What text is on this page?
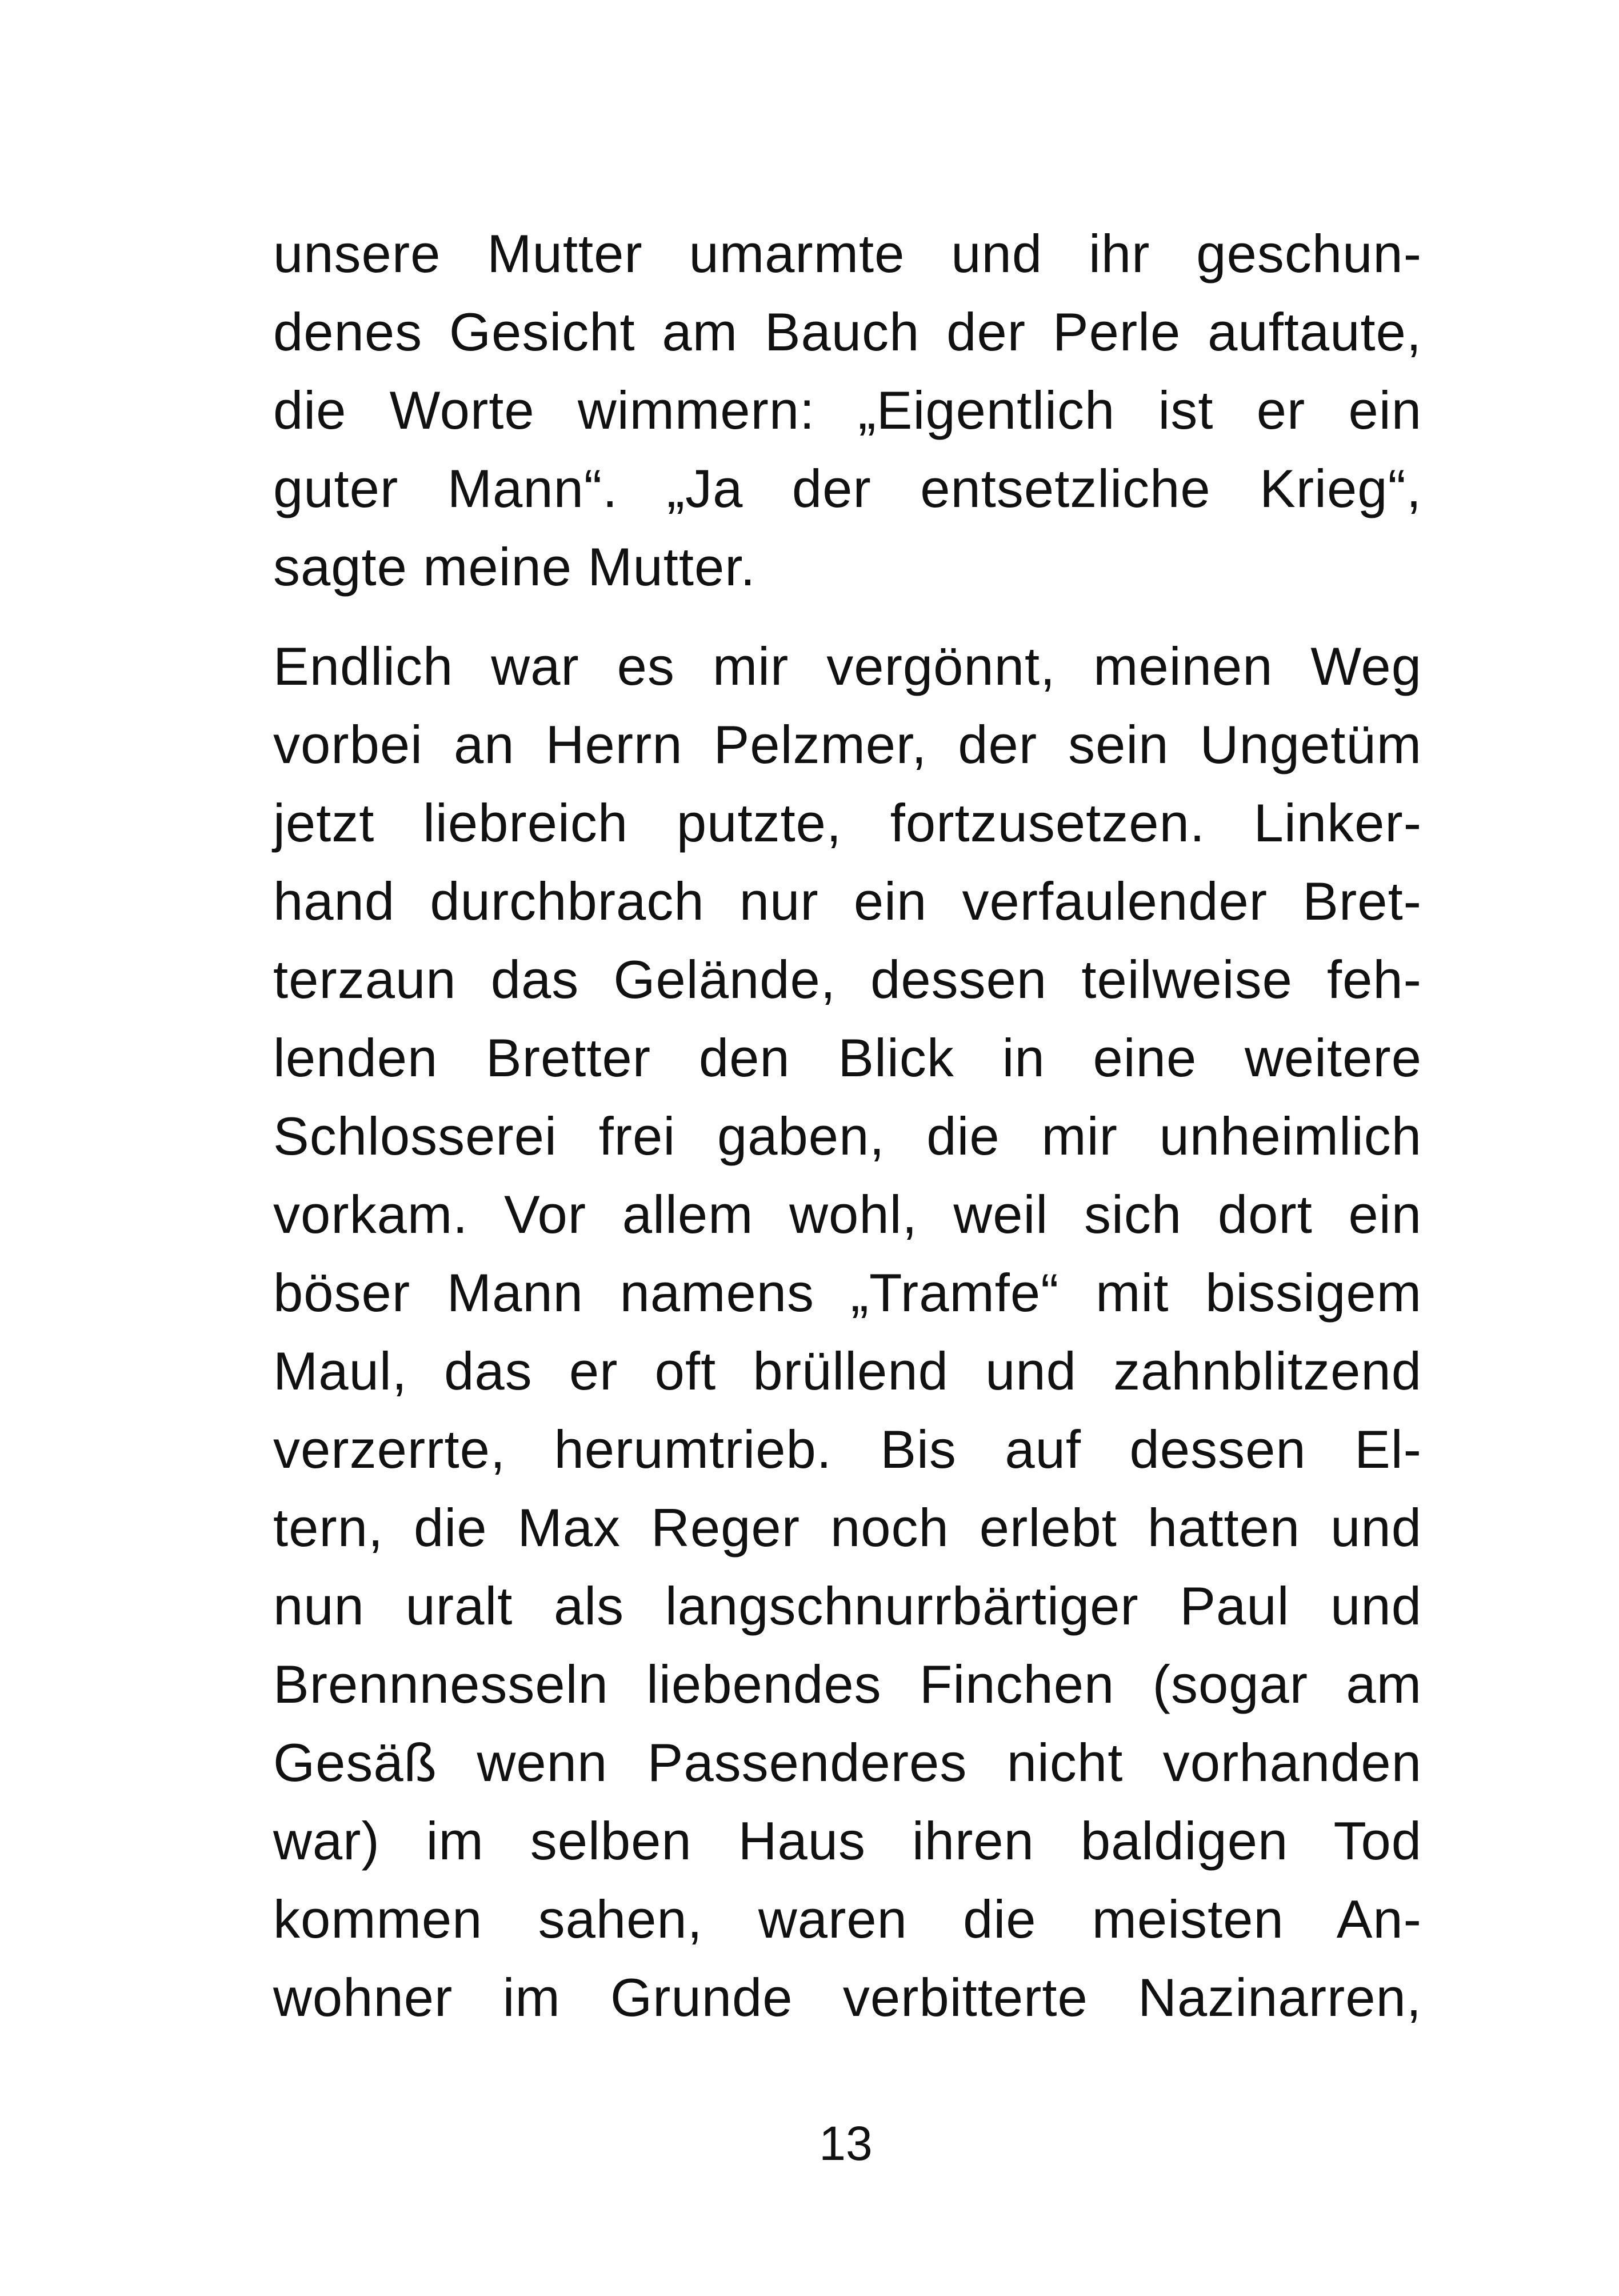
unsere Mutter umarmte und ihr geschun-
denes Gesicht am Bauch der Perle auftaute,
die Worte wimmern: „Eigentlich ist er ein
guter Mann“. „Ja der entsetzliche Krieg“,
sagte meine Mutter.
Endlich war es mir vergönnt, meinen Weg
vorbei an Herrn Pelzmer, der sein Ungetüm
jetzt liebreich putzte, fortzusetzen. Linker-
hand durchbrach nur ein verfaulender Bret-
terzaun das Gelände, dessen teilweise feh-
lenden Bretter den Blick in eine weitere
Schlosserei frei gaben, die mir unheimlich
vorkam. Vor allem wohl, weil sich dort ein
böser Mann namens „Tramfe“ mit bissigem
Maul, das er oft brüllend und zahnblitzend
verzerrte, herumtrieb. Bis auf dessen El-
tern, die Max Reger noch erlebt hatten und
nun uralt als langschnurrbärtiger Paul und
Brennnesseln liebendes Finchen (sogar am
Gesäß wenn Passenderes nicht vorhanden
war) im selben Haus ihren baldigen Tod
kommen sahen, waren die meisten An-
wohner im Grunde verbitterte Nazinarren,
13
